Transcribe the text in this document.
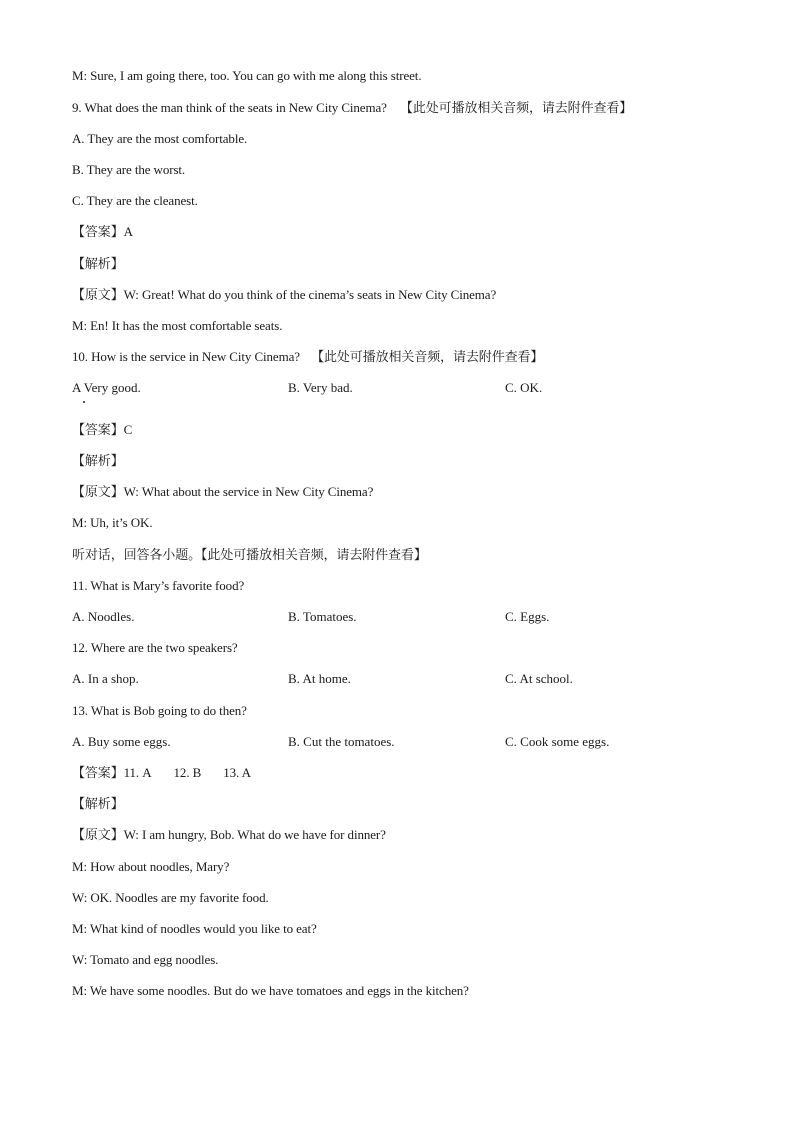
M: Sure, I am going there, too. You can go with me along this street.
9. What does the man think of the seats in New City Cinema? 【此处可播放相关音频，请去附件查看】
A. They are the most comfortable.
B. They are the worst.
C. They are the cleanest.
【答案】A
【解析】
【原文】W: Great! What do you think of the cinema’s seats in New City Cinema?
M: En! It has the most comfortable seats.
10. How is the service in New City Cinema? 【此处可播放相关音频，请去附件查看】
A Very good.	B. Very bad.	C. OK.
【答案】C
【解析】
【原文】W: What about the service in New City Cinema?
M: Uh, it’s OK.
听对话，回答各小题。【此处可播放相关音频，请去附件查看】
11. What is Mary’s favorite food?
A. Noodles.	B. Tomatoes.	C. Eggs.
12. Where are the two speakers?
A. In a shop.	B. At home.	C. At school.
13. What is Bob going to do then?
A. Buy some eggs.	B. Cut the tomatoes.	C. Cook some eggs.
【答案】11. A 12. B 13. A
【解析】
【原文】W: I am hungry, Bob. What do we have for dinner?
M: How about noodles, Mary?
W: OK. Noodles are my favorite food.
M: What kind of noodles would you like to eat?
W: Tomato and egg noodles.
M: We have some noodles. But do we have tomatoes and eggs in the kitchen?
